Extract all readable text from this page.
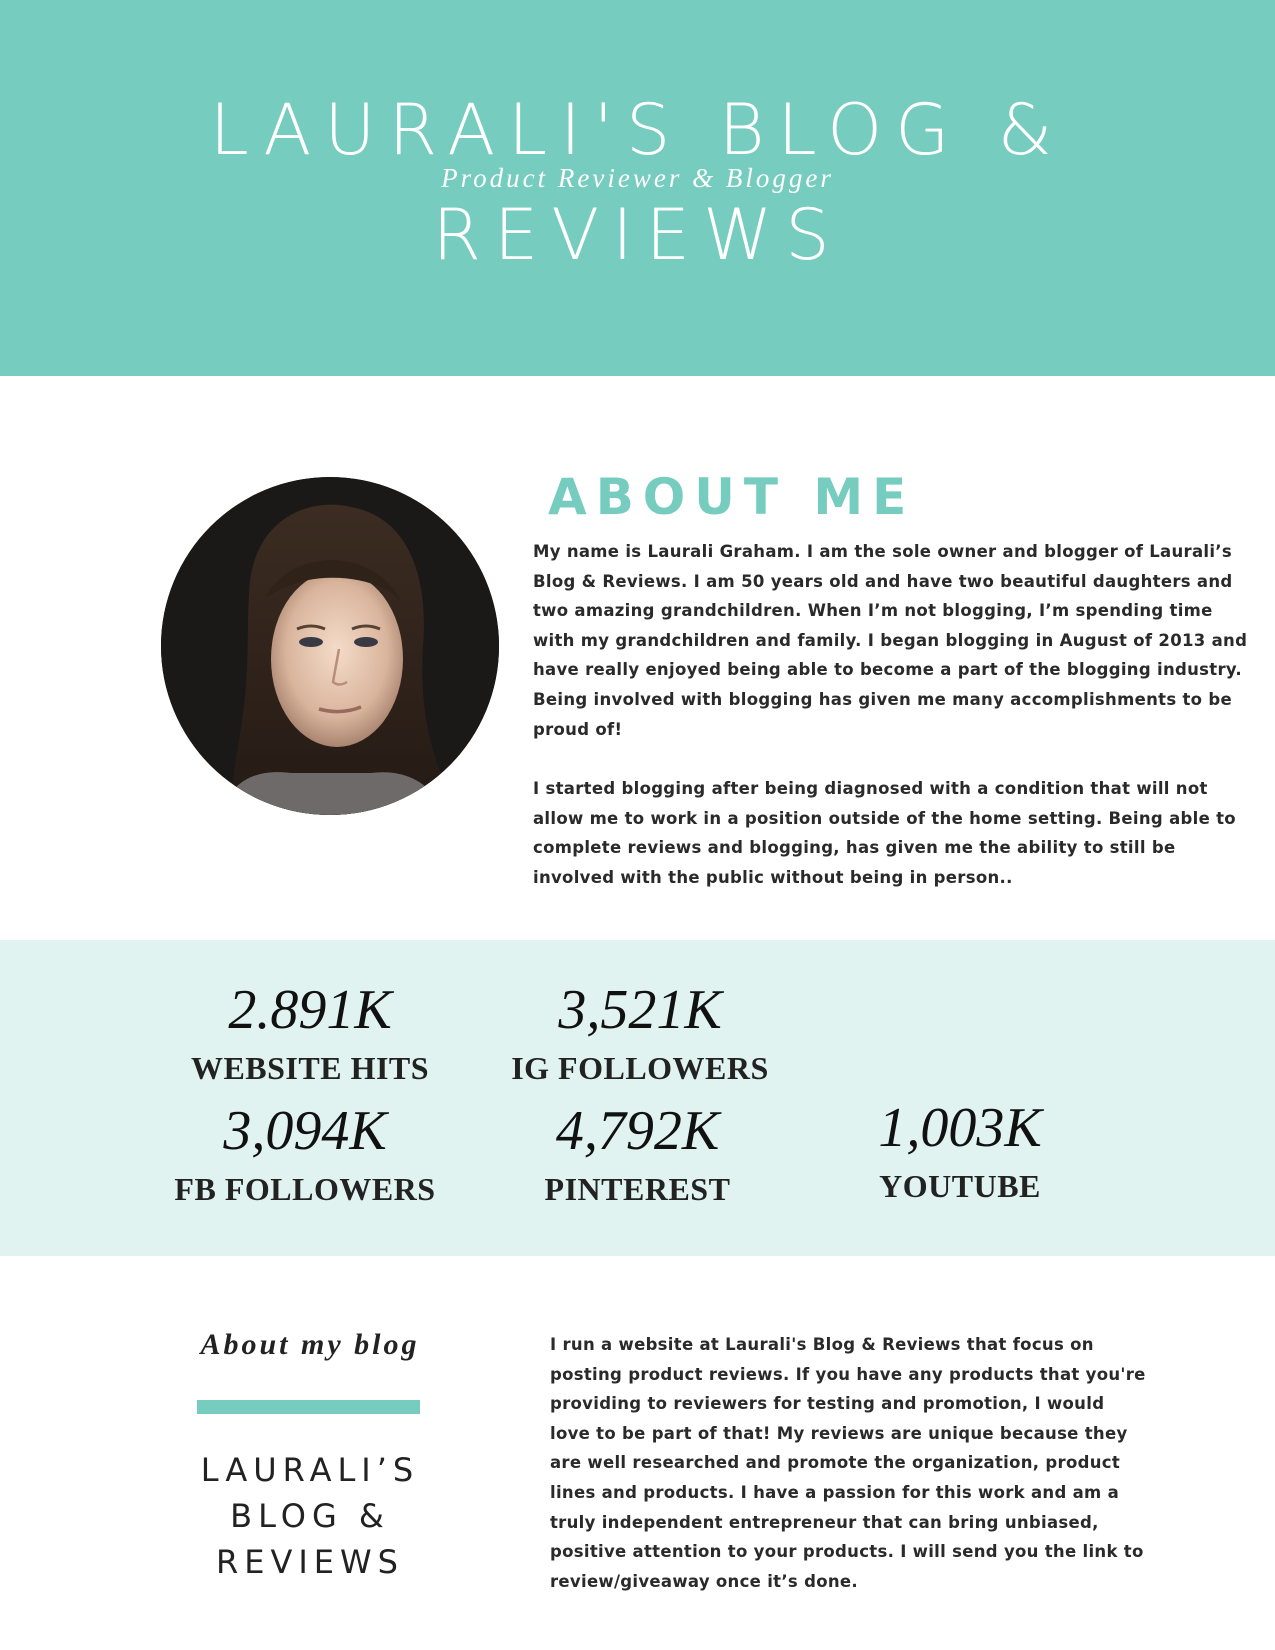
LAURALI'S BLOG &
Product Reviewer & Blogger
REVIEWS
ABOUT ME

My name is Laurali Graham. I am the sole owner and blogger of Laurali’s Blog & Reviews. I am 50 years old and have two beautiful daughters and two amazing grandchildren. When I’m not blogging, I’m spending time with my grandchildren and family. I began blogging in August of 2013 and have really enjoyed being able to become a part of the blogging industry. Being involved with blogging has given me many accomplishments to be proud of!

I started blogging after being diagnosed with a condition that will not allow me to work in a position outside of the home setting. Being able to complete reviews and blogging, has given me the ability to still be involved with the public without being in person..

2.891K
WEBSITE HITS
3,521K
IG FOLLOWERS
3,094K
FB FOLLOWERS
4,792K
PINTEREST
1,003K
YOUTUBE
About my blog
LAURALI’S
BLOG &
REVIEWS

I run a website at Laurali's Blog & Reviews that focus on posting product reviews. If you have any products that you're providing to reviewers for testing and promotion, I would love to be part of that! My reviews are unique because they are well researched and promote the organization, product lines and products. I have a passion for this work and am a truly independent entrepreneur that can bring unbiased, positive attention to your products. I will send you the link to review/giveaway once it’s done.
